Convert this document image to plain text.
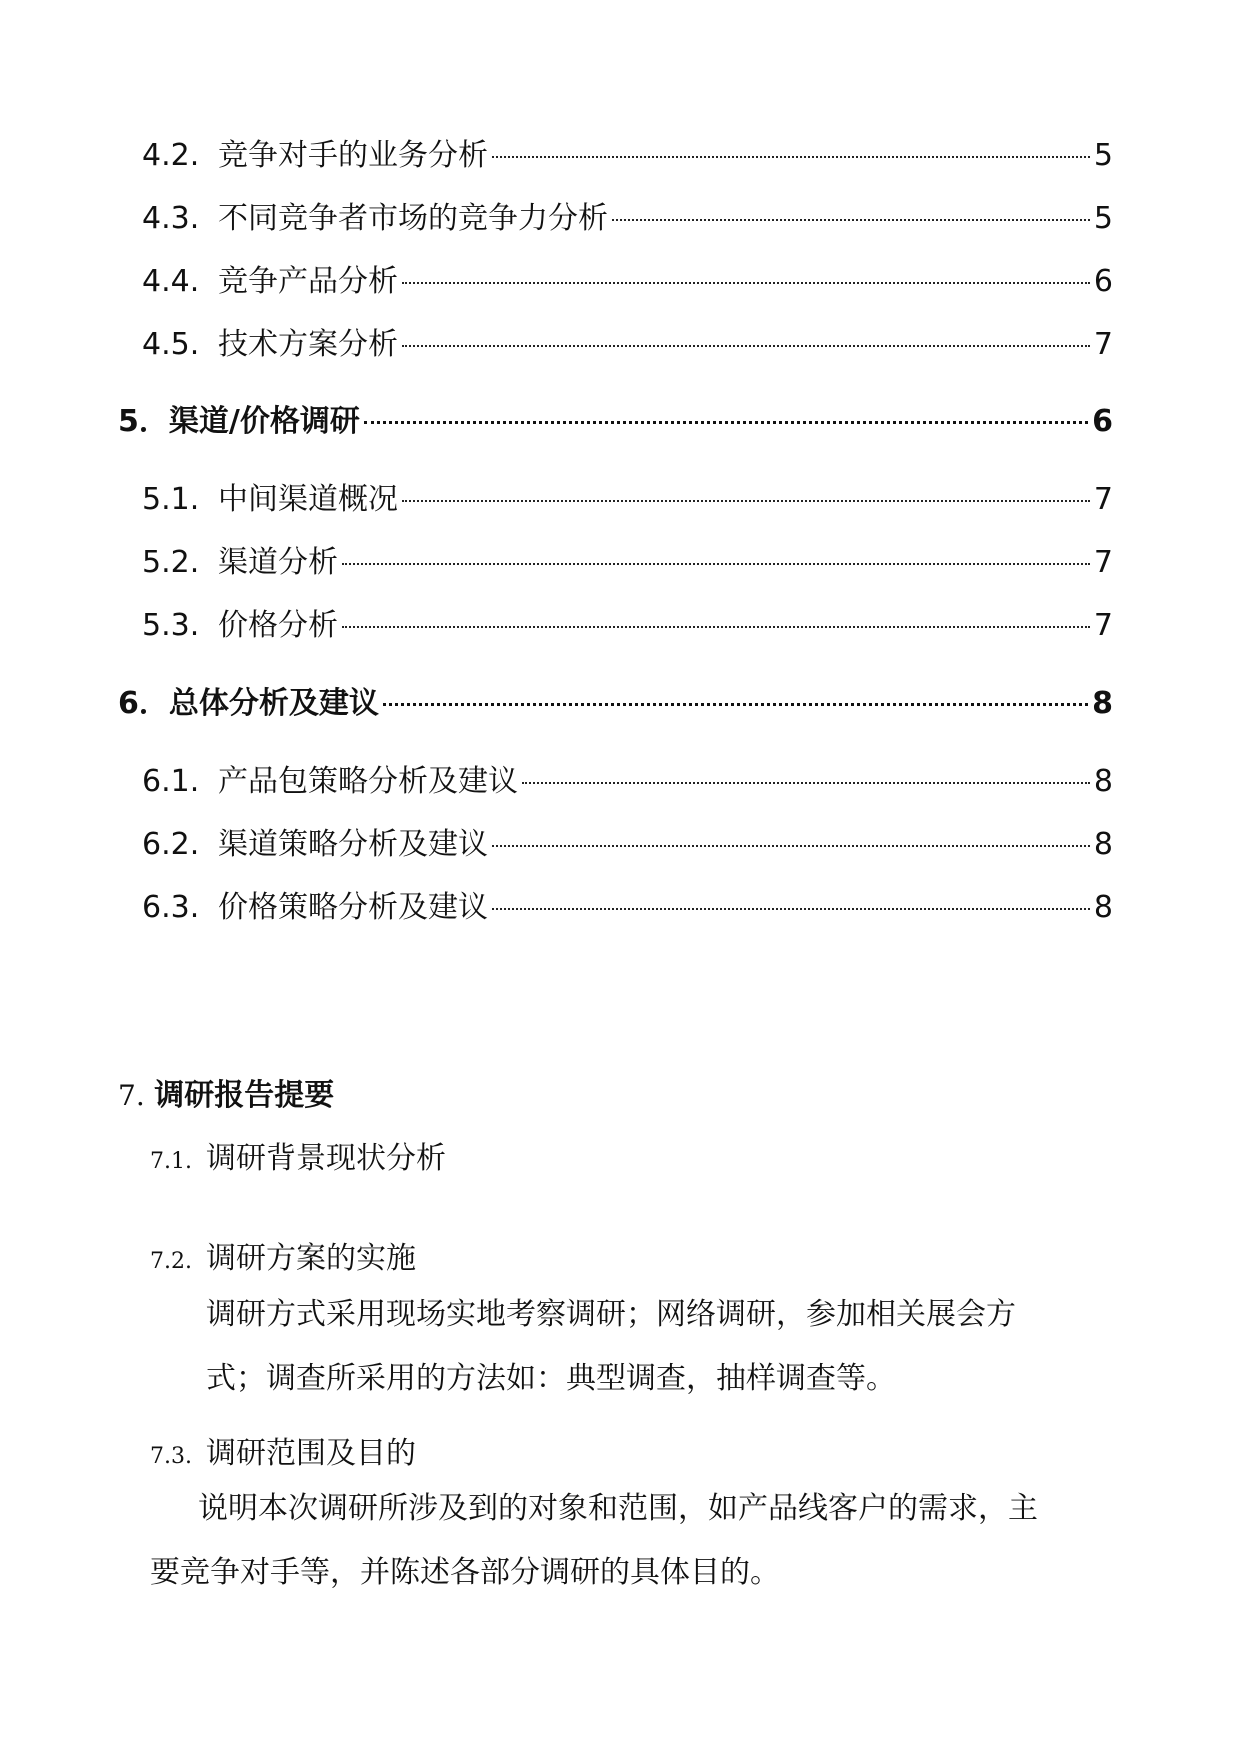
4.2. 竞争对手的业务分析	5
4.3. 不同竞争者市场的竞争力分析	5
4.4. 竞争产品分析	6
4.5. 技术方案分析	7
5． 渠道/价格调研	6
5.1. 中间渠道概况	7
5.2. 渠道分析	7
5.3. 价格分析	7
6． 总体分析及建议	8
6.1. 产品包策略分析及建议	8
6.2. 渠道策略分析及建议	8
6.3. 价格策略分析及建议	8
7. 调研报告提要
7.1. 调研背景现状分析
7.2. 调研方案的实施
调研方式采用现场实地考察调研；网络调研，参加相关展会方
式；调查所采用的方法如：典型调查，抽样调查等。
7.3. 调研范围及目的
说明本次调研所涉及到的对象和范围，如产品线客户的需求，主
要竞争对手等，并陈述各部分调研的具体目的。
